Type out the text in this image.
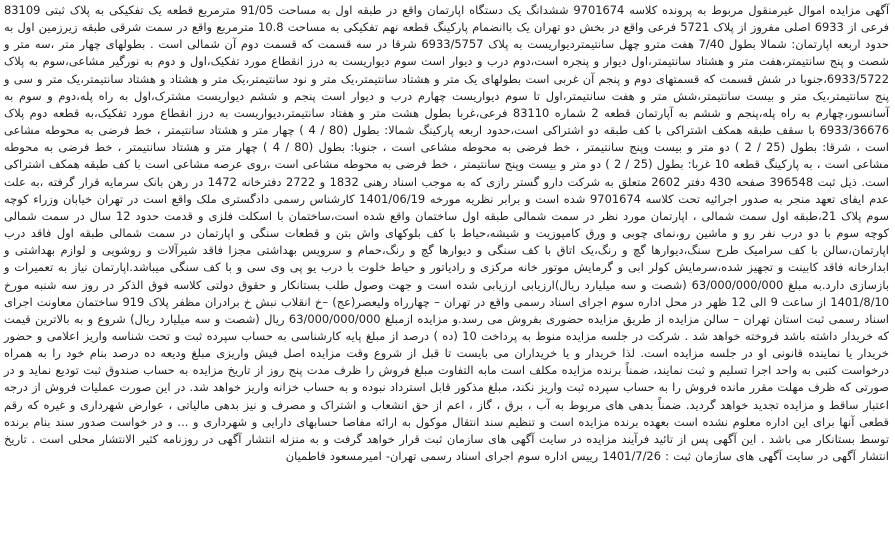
آگهی مزایده اموال غیرمنقول مربوط به پرونده کلاسه 9701674 ششدانگ یک دستگاه اپارتمان واقع در طبقه اول به مساحت 91/05 مترمربع قطعه یک تفکیکی به پلاک ثبتی 83109 فرعی از 6933 اصلی مفروز از پلاک 5721 فرعی واقع در بخش دو تهران یک باانضمام پارکینگ قطعه نهم تفکیکی به مساحت 10.8 مترمربع واقع در سمت شرقی طبقه زیرزمین اول به حدود اربعه اپارتمان: شمالا بطول 7/40 هفت مترو چهل سانتیمتردیواریست به پلاک 6933/5757 شرقا در سه قسمت که قسمت دوم آن شمالی است . بطولهای چهار متر ،سه متر و شصت و پنج سانتیمتر،هفت متر و هشتاد سانتیمتر،اول دیوار و پنجره است،دوم درب و دیوار است سوم دیواریست به درز انقطاع مورد تفکیک،اول و دوم به نورگیر مشاعی،سوم به پلاک 6933/5722،جنوبا در شش قسمت که قسمتهای دوم و پنجم آن غربی است بطولهای یک متر و هشتاد سانتیمتر،یک متر و نود سانتیمتر،یک متر و هشتاد و هشتاد سانتیمتر،یک متر و سی و پنج سانتیمتر،یک متر و بیست سانتیمتر،شش متر و هفت سانتیمتر،اول تا سوم دیواریست چهارم درب و دیوار است پنجم و ششم دیواریست مشترک،اول به راه پله،دوم و سوم به آسانسور،چهارم به راه پله،پنجم و ششم به آپارتمان قطعه 2 شماره 83110 فرعی،غربا بطول هشت متر و هفتاد سانتیمتر،دیواریست به درز انقطاع مورد تفکیک،به قطعه دوم پلاک 6933/36676 با سقف طبقه همکف اشتراکی با کف طبقه دو اشتراکی است،حدود اربعه پارکینگ شمالا: بطول (80 / 4 ) چهار متر و هشتاد سانتیمتر ، خط فرضی به محوطه مشاعی است ، شرقا: بطول (25 / 2 ) دو متر و بیست وپنج سانتیمتر ، خط فرضی به محوطه مشاعی است ، جنوبا: بطول (80 / 4 ) چهار متر و هشتاد سانتیمتر ، خط فرضی به محوطه مشاعی است ، به پارکینگ قطعه 10 غربا: بطول (25 / 2 ) دو متر و بیست وپنج سانتیمتر ، خط فرضی به محوطه مشاعی است ،روی عرصه مشاعی است با کف طبقه همکف اشتراکی است. ذیل ثبت 396548 صفحه 430 دفتر 2602 متعلق به شرکت دارو گستر رازی که به موجب اسناد رهنی 1832 و 2722 دفترخانه 1472 در رهن بانک سرمایه قرار گرفته ،به علت عدم ایفای تعهد منجر به صدور اجرائیه تحت کلاسه 9701674 شده است و برابر نظریه مورخه 1401/06/19 کارشناس رسمی دادگستری ملک واقع است در تهران خیابان وزراء کوچه سوم پلاک 21،طبقه اول سمت شمالی ، اپارتمان مورد نظر در سمت شمالی طبقه اول ساختمان واقع شده است،ساختمان با اسکلت فلزی و قدمت حدود 12 سال در سمت شمالی کوچه سوم با دو درب نفر رو و ماشین رو،نمای چوبی و ورق کامپوزیت و شیشه،حیاط با کف بلوکهای واش بتن و قطعات سنگی و اپارتمان در سمت شمالی طبقه اول فاقد درب اپارتمان،سالن با کف سرامیک طرح سنگ،دیوارها گچ و رنگ،یک اتاق با کف سنگی و دیوارها گچ و رنگ،حمام و سرویس بهداشتی مجزا فاقد شیرآلات و روشویی و لوازم بهداشتی و ابدارخانه فاقد کابینت و تجهیز شده،سرمایش کولر ابی و گرمایش موتور خانه مرکزی و رادیاتور و حیاط خلوت با درب یو پی وی سی و با کف سنگی میباشد.اپارتمان نیاز به تعمیرات و بازسازی دارد.به مبلغ 63/000/000/000 (شصت و سه میلیارد ریال)ارزیابی ارزیابی شده است و جهت وصول طلب بستانکار و حقوق دولتی کلاسه فوق الذکر در روز سه شنبه مورخ 1401/8/10 از ساعت 9 الی 12 ظهر در محل اداره سوم اجرای اسناد رسمی واقع در تهران – چهارراه ولیعصر(عج) –خ انقلاب نبش خ برادران مظفر پلاک 919 ساختمان معاونت اجرای اسناد رسمی ثبت استان تهران – سالن مزایده از طریق مزایده حضوری بفروش می رسد.و مزایده ازمبلغ 63/000/000/000 ریال (شصت و سه میلیارد ریال) شروع و به بالاترین قیمت که خریدار داشته باشد فروخته خواهد شد . شرکت در جلسه مزایده منوط به پرداخت 10 (ده ) درصد از مبلغ پایه کارشناسی به حساب سپرده ثبت و تحت شناسه واریز اعلامی و حضور خریدار یا نماینده قانونی او در جلسه مزایده است. لذا خریدار و یا خریداران می بایست تا قبل از شروع وقت مزایده اصل فیش واریزی مبلغ ودیعه ده درصد بنام خود را به همراه درخواست کتبی به واحد اجرا تسلیم و ثبت نمایند، ضمناً برنده مزایده مکلف است مابه التفاوت مبلغ فروش را ظرف مدت پنج روز از تاریخ مزایده به حساب صندوق ثبت تودیع نماید و در صورتی که ظرف مهلت مقرر مانده فروش را به حساب سپرده ثبت واریز نکند، مبلغ مذکور قابل استرداد نبوده و به حساب خزانه واریز خواهد شد. در این صورت عملیات فروش از درجه اعتبار ساقط و مزایده تجدید خواهد گردید. ضمناً بدهی های مربوط به آب ، برق ، گاز ، اعم از حق انشعاب و اشتراک و مصرف و نیز بدهی مالیاتی ، عوارض شهرداری و غیره که رقم قطعی آنها برای این اداره معلوم نشده است بعهده برنده مزایده است و تنظیم سند انتقال موکول به ارائه مفاصا حسابهای دارایی و شهرداری و ... و در خواست صدور سند بنام برنده توسط بستانکار می باشد . این آگهی پس از تائید فرآیند مزایده در سایت آگهی های سازمان ثبت قرار خواهد گرفت و به منزله انتشار آگهی در روزنامه کثیر الانتشار محلی است . تاریخ انتشار آگهی در سایت آگهی های سازمان ثبت : 1401/7/26 رییس اداره سوم اجرای اسناد رسمی تهران- امیرمسعود فاطمیان
